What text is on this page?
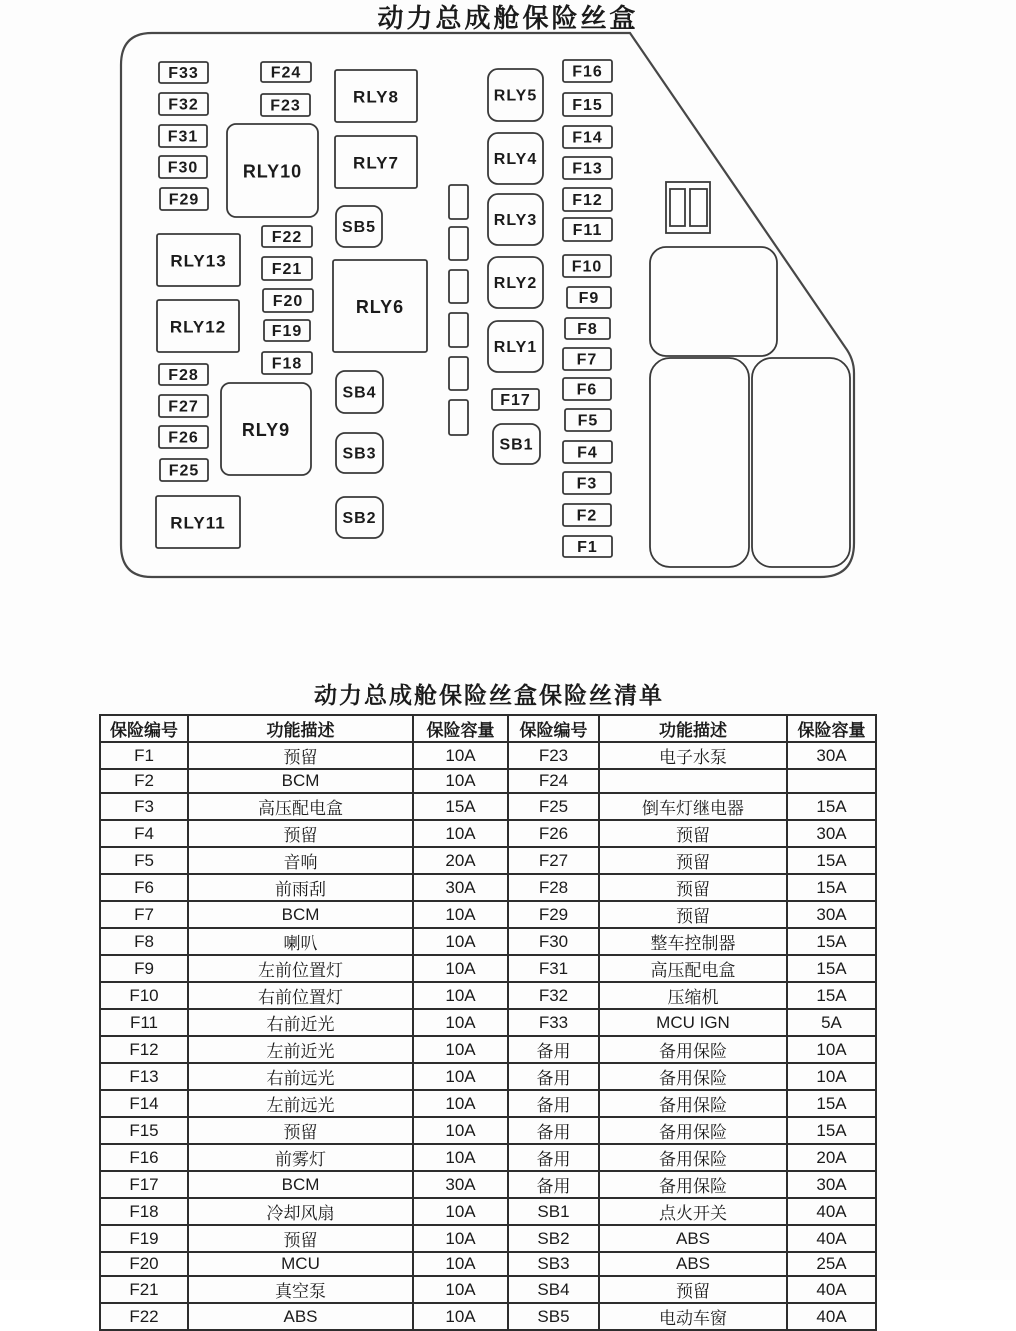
动力总成舱保险丝盒
F33
F32
F31
F30
F29
F28
F27
F26
F25
F24
F23
F22
F21
F20
F19
F18
F17
F16
F15
F14
F13
F12
F11
F10
F9
F8
F7
F6
F5
F4
F3
F2
F1
RLY10
RLY8
RLY7
RLY6
RLY13
RLY12
RLY9
RLY11
RLY5
RLY4
RLY3
RLY2
RLY1
SB5
SB4
SB3
SB2
SB1
动力总成舱保险丝盒保险丝清单
保险编号	功能描述	保险容量	保险编号	功能描述	保险容量
F1	预留	10A	F23	电子水泵	30A
F2	BCM	10A	F24		
F3	高压配电盒	15A	F25	倒车灯继电器	15A
F4	预留	10A	F26	预留	30A
F5	音响	20A	F27	预留	15A
F6	前雨刮	30A	F28	预留	15A
F7	BCM	10A	F29	预留	30A
F8	喇叭	10A	F30	整车控制器	15A
F9	左前位置灯	10A	F31	高压配电盒	15A
F10	右前位置灯	10A	F32	压缩机	15A
F11	右前近光	10A	F33	MCU IGN	5A
F12	左前近光	10A	备用	备用保险	10A
F13	右前远光	10A	备用	备用保险	10A
F14	左前远光	10A	备用	备用保险	15A
F15	预留	10A	备用	备用保险	15A
F16	前雾灯	10A	备用	备用保险	20A
F17	BCM	30A	备用	备用保险	30A
F18	冷却风扇	10A	SB1	点火开关	40A
F19	预留	10A	SB2	ABS	40A
F20	MCU	10A	SB3	ABS	25A
F21	真空泵	10A	SB4	预留	40A
F22	ABS	10A	SB5	电动车窗	40A
